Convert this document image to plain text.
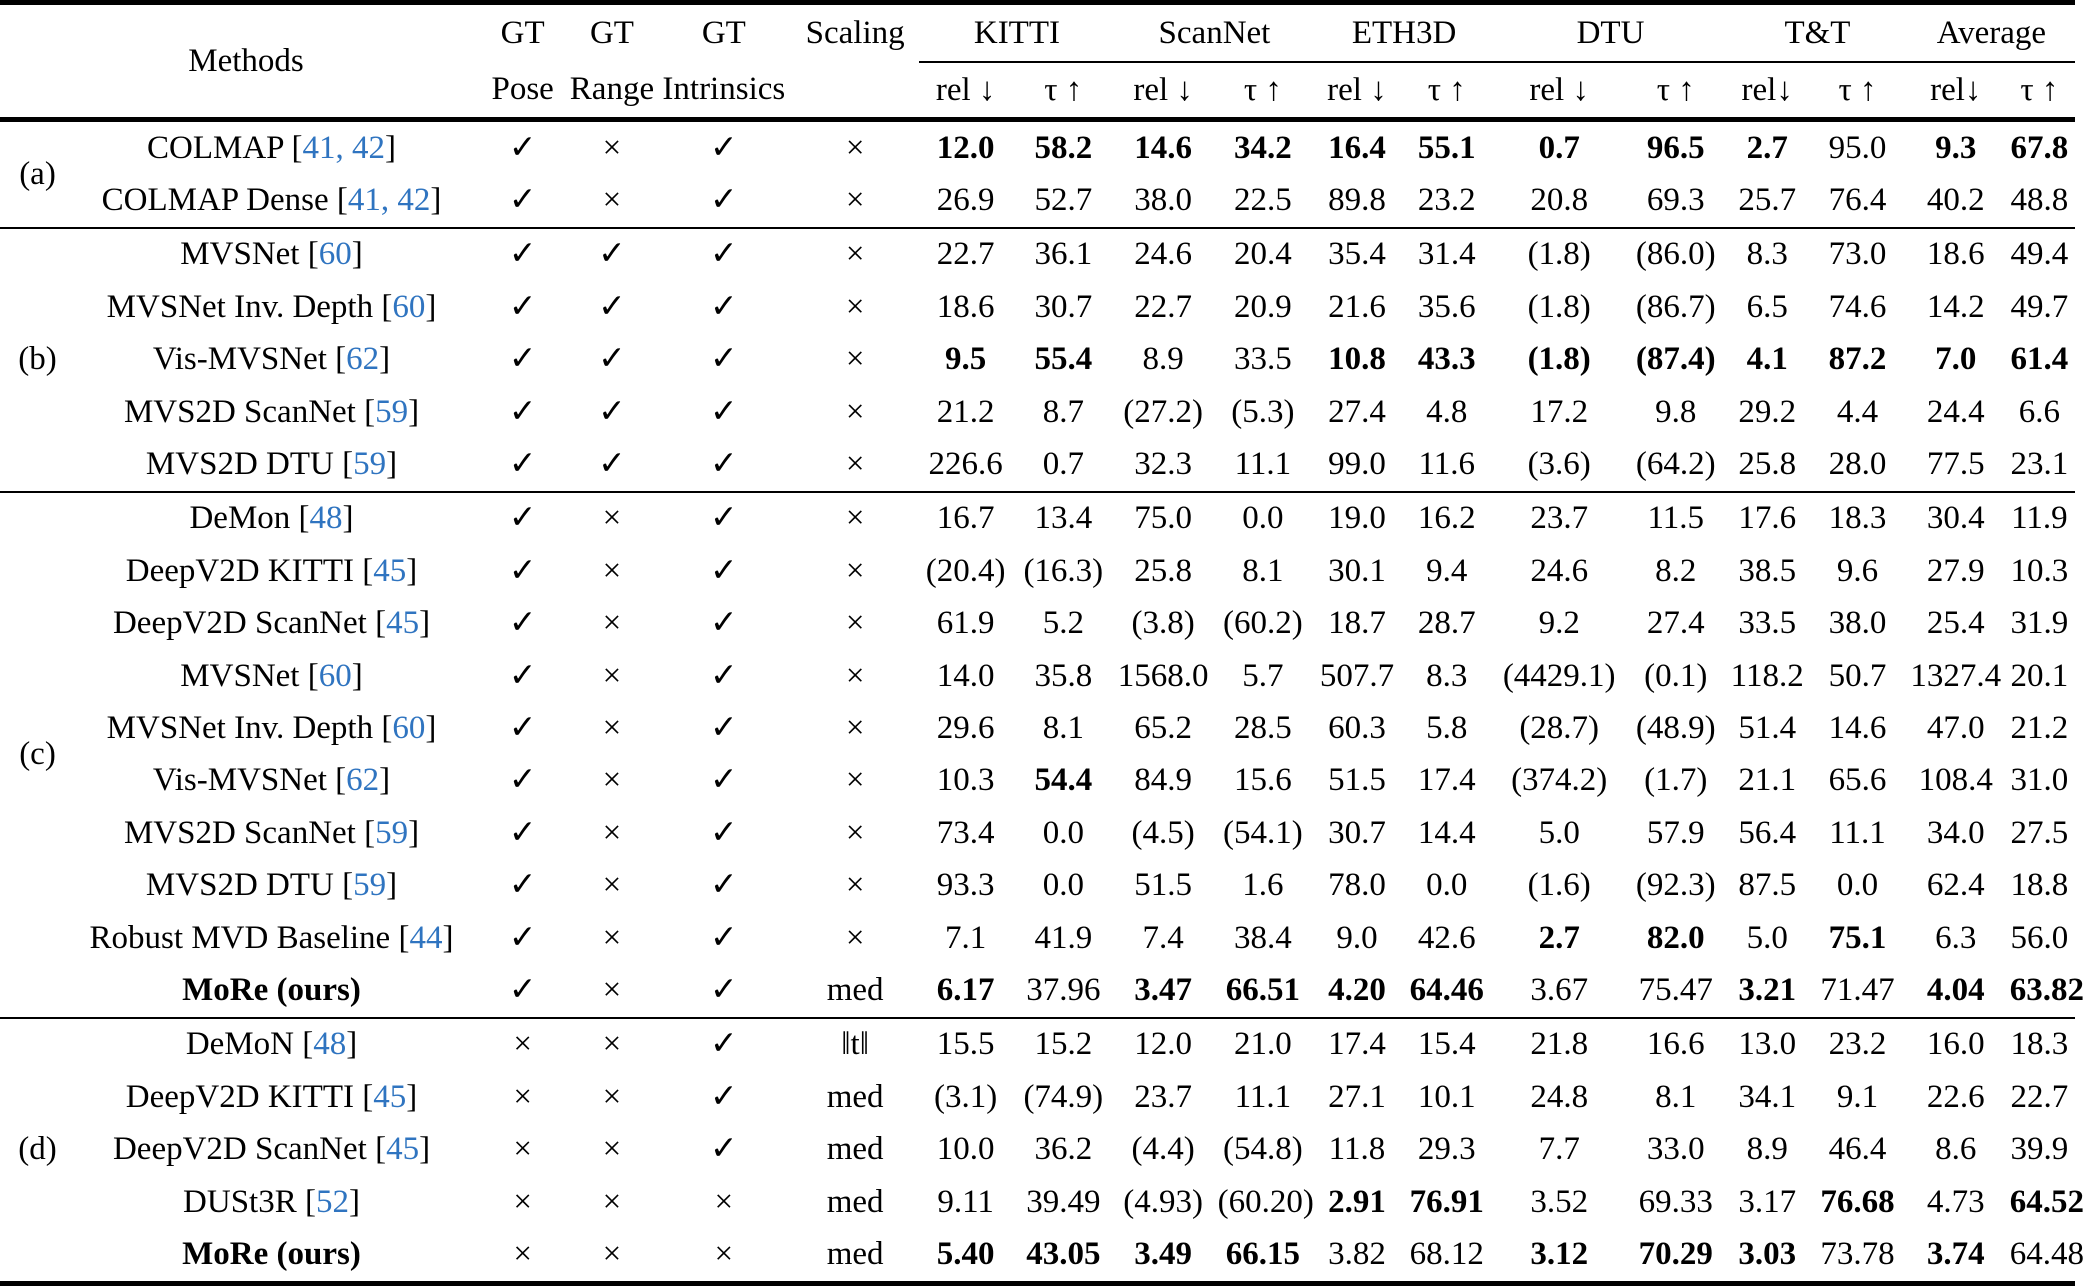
Methods		GT	GT	GT	Scaling	KITTI		ScanNet		ETH3D		DTU		T&T		Average	
		Pose	Range	Intrinsics		rel ↓	τ ↑	rel ↓	τ ↑	rel ↓	τ ↑	rel ↓	τ ↑	rel↓	τ ↑	rel↓	τ ↑
(a)	COLMAP [41, 42]	✓	×	✓	×	12.0	58.2	14.6	34.2	16.4	55.1	0.7	96.5	2.7	95.0	9.3	67.8
	COLMAP Dense [41, 42]	✓	×	✓	×	26.9	52.7	38.0	22.5	89.8	23.2	20.8	69.3	25.7	76.4	40.2	48.8
(b)	MVSNet [60]	✓	✓	✓	×	22.7	36.1	24.6	20.4	35.4	31.4	(1.8)	(86.0)	8.3	73.0	18.6	49.4
	MVSNet Inv. Depth [60]	✓	✓	✓	×	18.6	30.7	22.7	20.9	21.6	35.6	(1.8)	(86.7)	6.5	74.6	14.2	49.7
	Vis-MVSNet [62]	✓	✓	✓	×	9.5	55.4	8.9	33.5	10.8	43.3	(1.8)	(87.4)	4.1	87.2	7.0	61.4
	MVS2D ScanNet [59]	✓	✓	✓	×	21.2	8.7	(27.2)	(5.3)	27.4	4.8	17.2	9.8	29.2	4.4	24.4	6.6
	MVS2D DTU [59]	✓	✓	✓	×	226.6	0.7	32.3	11.1	99.0	11.6	(3.6)	(64.2)	25.8	28.0	77.5	23.1
(c)	DeMon [48]	✓	×	✓	×	16.7	13.4	75.0	0.0	19.0	16.2	23.7	11.5	17.6	18.3	30.4	11.9
	DeepV2D KITTI [45]	✓	×	✓	×	(20.4)	(16.3)	25.8	8.1	30.1	9.4	24.6	8.2	38.5	9.6	27.9	10.3
	DeepV2D ScanNet [45]	✓	×	✓	×	61.9	5.2	(3.8)	(60.2)	18.7	28.7	9.2	27.4	33.5	38.0	25.4	31.9
	MVSNet [60]	✓	×	✓	×	14.0	35.8	1568.0	5.7	507.7	8.3	(4429.1)	(0.1)	118.2	50.7	1327.4	20.1
	MVSNet Inv. Depth [60]	✓	×	✓	×	29.6	8.1	65.2	28.5	60.3	5.8	(28.7)	(48.9)	51.4	14.6	47.0	21.2
	Vis-MVSNet [62]	✓	×	✓	×	10.3	54.4	84.9	15.6	51.5	17.4	(374.2)	(1.7)	21.1	65.6	108.4	31.0
	MVS2D ScanNet [59]	✓	×	✓	×	73.4	0.0	(4.5)	(54.1)	30.7	14.4	5.0	57.9	56.4	11.1	34.0	27.5
	MVS2D DTU [59]	✓	×	✓	×	93.3	0.0	51.5	1.6	78.0	0.0	(1.6)	(92.3)	87.5	0.0	62.4	18.8
	Robust MVD Baseline [44]	✓	×	✓	×	7.1	41.9	7.4	38.4	9.0	42.6	2.7	82.0	5.0	75.1	6.3	56.0
	MoRe (ours)	✓	×	✓	med	6.17	37.96	3.47	66.51	4.20	64.46	3.67	75.47	3.21	71.47	4.04	63.82
(d)	DeMoN [48]	×	×	✓	‖t‖	15.5	15.2	12.0	21.0	17.4	15.4	21.8	16.6	13.0	23.2	16.0	18.3
	DeepV2D KITTI [45]	×	×	✓	med	(3.1)	(74.9)	23.7	11.1	27.1	10.1	24.8	8.1	34.1	9.1	22.6	22.7
	DeepV2D ScanNet [45]	×	×	✓	med	10.0	36.2	(4.4)	(54.8)	11.8	29.3	7.7	33.0	8.9	46.4	8.6	39.9
	DUSt3R [52]	×	×	×	med	9.11	39.49	(4.93)	(60.20)	2.91	76.91	3.52	69.33	3.17	76.68	4.73	64.52
	MoRe (ours)	×	×	×	med	5.40	43.05	3.49	66.15	3.82	68.12	3.12	70.29	3.03	73.78	3.74	64.48
